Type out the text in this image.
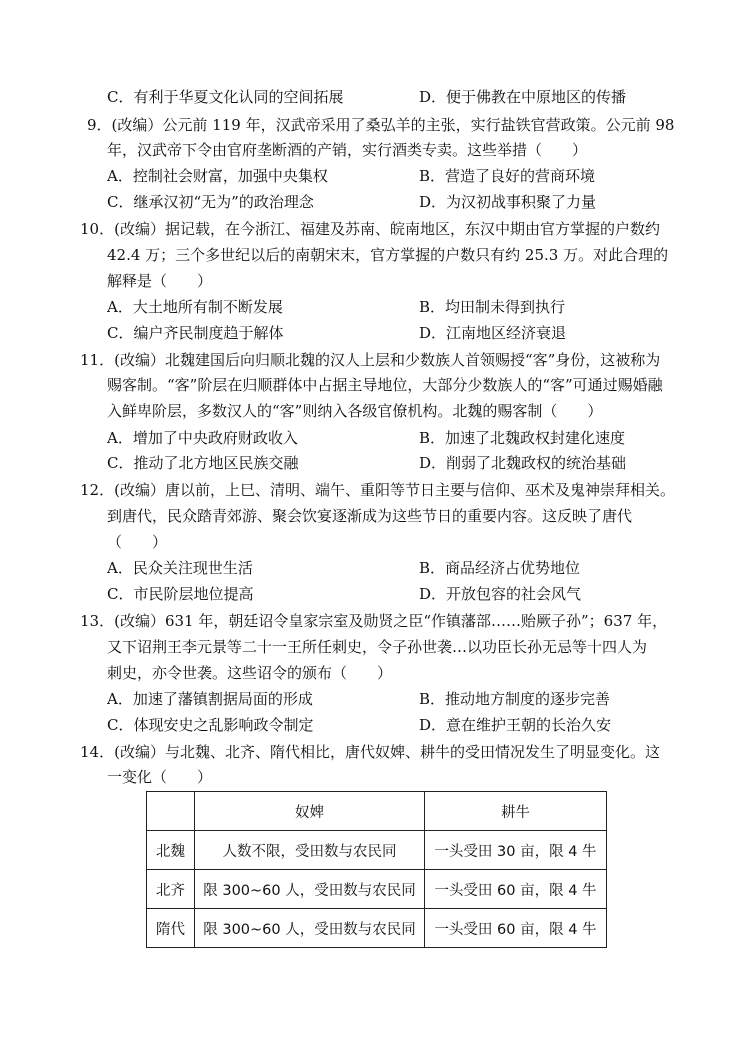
C．有利于华夏文化认同的空间拓展	D．便于佛教在中原地区的传播
9．(改编）公元前 119 年，汉武帝采用了桑弘羊的主张，实行盐铁官营政策。公元前 98
年，汉武帝下令由官府垄断酒的产销，实行酒类专卖。这些举措（　　）
A．控制社会财富，加强中央集权	B．营造了良好的营商环境
C．继承汉初“无为”的政治理念	D．为汉初战事积聚了力量
10．(改编）据记载，在今浙江、福建及苏南、皖南地区，东汉中期由官方掌握的户数约
42.4 万；三个多世纪以后的南朝宋末，官方掌握的户数只有约 25.3 万。对此合理的
解释是（　　）
A．大土地所有制不断发展	B．均田制未得到执行
C．编户齐民制度趋于解体	D．江南地区经济衰退
11．(改编）北魏建国后向归顺北魏的汉人上层和少数族人首领赐授“客”身份，这被称为
赐客制。“客”阶层在归顺群体中占据主导地位，大部分少数族人的“客”可通过赐婚融
入鲜卑阶层，多数汉人的“客”则纳入各级官僚机构。北魏的赐客制（　　）
A．增加了中央政府财政收入	B．加速了北魏政权封建化速度
C．推动了北方地区民族交融	D．削弱了北魏政权的统治基础
12．(改编）唐以前，上巳、清明、端午、重阳等节日主要与信仰、巫术及鬼神崇拜相关。
到唐代，民众踏青郊游、聚会饮宴逐渐成为这些节日的重要内容。这反映了唐代
（　　）
A．民众关注现世生活	B．商品经济占优势地位
C．市民阶层地位提高	D．开放包容的社会风气
13．(改编）631 年，朝廷诏令皇家宗室及勋贤之臣“作镇藩部……贻厥子孙”；637 年，
又下诏荆王李元景等二十一王所任刺史，令子孙世袭…以功臣长孙无忌等十四人为
刺史，亦令世袭。这些诏令的颁布（　　）
A．加速了藩镇割据局面的形成	B．推动地方制度的逐步完善
C．体现安史之乱影响政令制定	D．意在维护王朝的长治久安
14．(改编）与北魏、北齐、隋代相比，唐代奴婢、耕牛的受田情况发生了明显变化。这
一变化（　　）
	奴婢	耕牛
北魏	人数不限，受田数与农民同	一头受田 30 亩，限 4 牛
北齐	限 300~60 人，受田数与农民同	一头受田 60 亩，限 4 牛
隋代	限 300~60 人，受田数与农民同	一头受田 60 亩，限 4 牛
